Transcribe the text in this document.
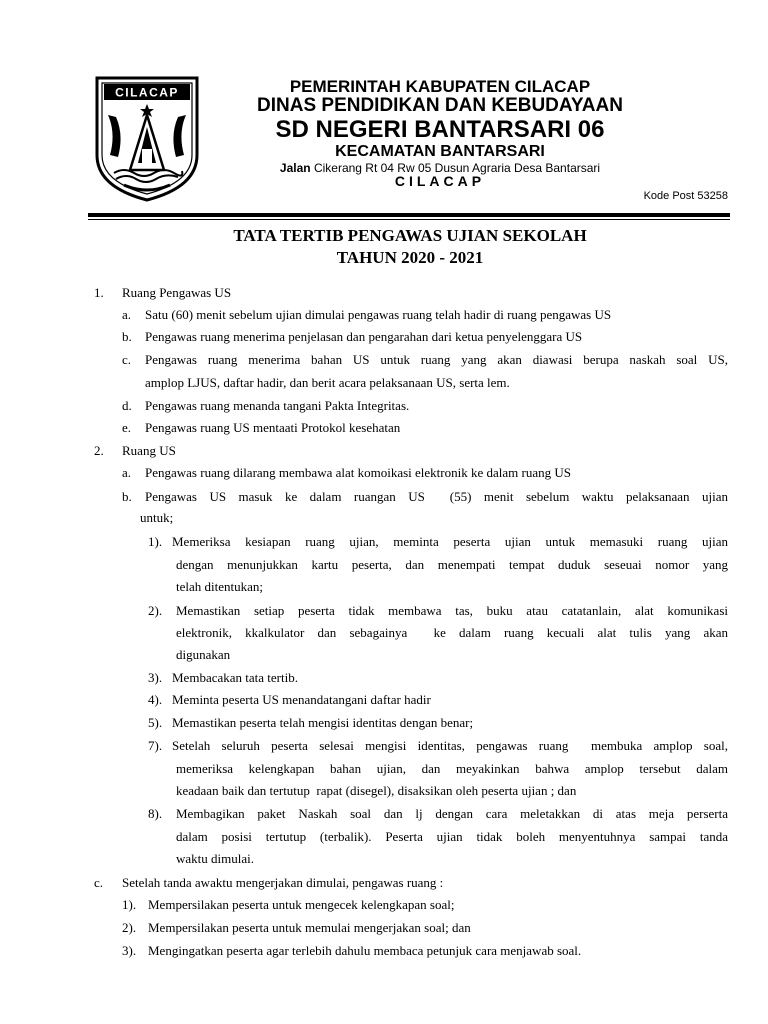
CILACAP	PEMERINTAH KABUPATEN CILACAP
DINAS PENDIDIKAN DAN KEBUDAYAAN
SD NEGERI BANTARSARI 06
KECAMATAN BANTARSARI
Jalan Cikerang Rt 04 Rw 05 Dusun Agraria Desa Bantarsari
CILACAP
Kode Post 53258
TATA TERTIB PENGAWAS UJIAN SEKOLAH
TAHUN 2020 - 2021
1. Ruang Pengawas US
a. Satu (60) menit sebelum ujian dimulai pengawas ruang telah hadir di ruang pengawas US
b. Pengawas ruang menerima penjelasan dan pengarahan dari ketua penyelenggara US
c. Pengawas ruang menerima bahan US untuk ruang yang akan diawasi berupa naskah soal US,
amplop LJUS, daftar hadir, dan berit acara pelaksanaan US, serta lem.
d. Pengawas ruang menanda tangani Pakta Integritas.
e. Pengawas ruang US mentaati Protokol kesehatan
2. Ruang US
a. Pengawas ruang dilarang membawa alat komoikasi elektronik ke dalam ruang US
b. Pengawas US masuk ke dalam ruangan US  (55) menit sebelum waktu pelaksanaan ujian
untuk;
1). Memeriksa kesiapan ruang ujian, meminta peserta ujian untuk memasuki ruang ujian
dengan menunjukkan kartu peserta, dan menempati tempat duduk seseuai nomor yang
telah ditentukan;
2). Memastikan setiap peserta tidak membawa tas, buku atau catatanlain, alat komunikasi
elektronik, kkalkulator dan sebagainya  ke dalam ruang kecuali alat tulis yang akan
digunakan
3). Membacakan tata tertib.
4). Meminta peserta US menandatangani daftar hadir
5). Memastikan peserta telah mengisi identitas dengan benar;
7). Setelah seluruh peserta selesai mengisi identitas, pengawas ruang  membuka amplop soal,
memeriksa kelengkapan bahan ujian, dan meyakinkan bahwa amplop tersebut dalam
keadaan baik dan tertutup  rapat (disegel), disaksikan oleh peserta ujian ; dan
8). Membagikan paket Naskah soal dan lj dengan cara meletakkan di atas meja perserta
dalam posisi tertutup (terbalik). Peserta ujian tidak boleh menyentuhnya sampai tanda
waktu dimulai.
c. Setelah tanda awaktu mengerjakan dimulai, pengawas ruang :
1). Mempersilakan peserta untuk mengecek kelengkapan soal;
2). Mempersilakan peserta untuk memulai mengerjakan soal; dan
3). Mengingatkan peserta agar terlebih dahulu membaca petunjuk cara menjawab soal.
